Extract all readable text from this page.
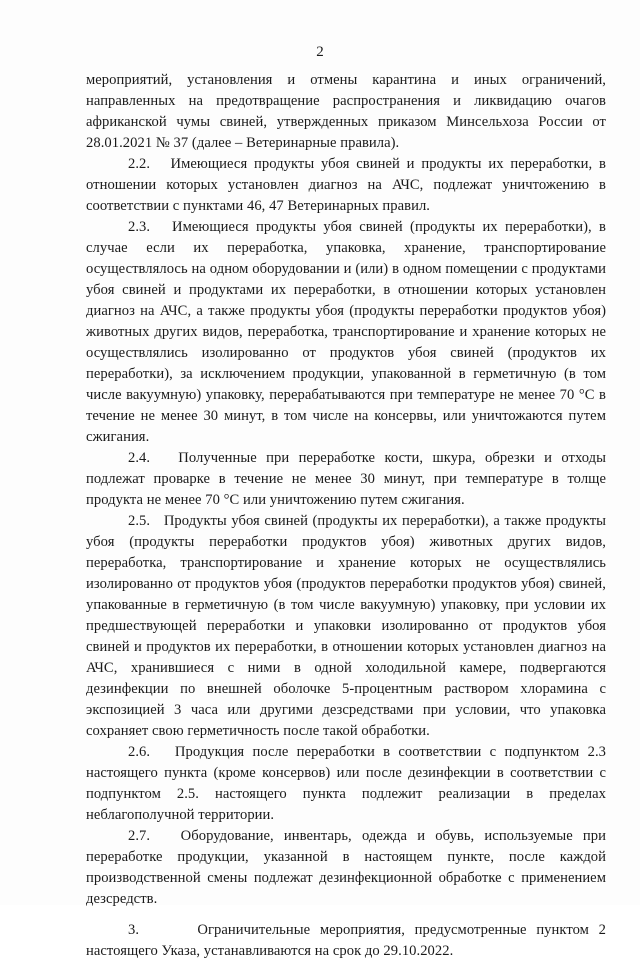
2

мероприятий, установления и отмены карантина и иных ограничений, направленных на предотвращение распространения и ликвидацию очагов африканской чумы свиней, утвержденных приказом Минсельхоза России от 28.01.2021 № 37 (далее – Ветеринарные правила).

2.2.   Имеющиеся продукты убоя свиней и продукты их переработки, в отношении которых установлен диагноз на АЧС, подлежат уничтожению в соответствии с пунктами 46, 47 Ветеринарных правил.

2.3.   Имеющиеся продукты убоя свиней (продукты их переработки), в случае если их переработка, упаковка, хранение, транспортирование осуществлялось на одном оборудовании и (или) в одном помещении с продуктами убоя свиней и продуктами их переработки, в отношении которых установлен диагноз на АЧС, а также продукты убоя (продукты переработки продуктов убоя) животных других видов, переработка, транспортирование и хранение которых не осуществлялись изолированно от продуктов убоя свиней (продуктов их переработки), за исключением продукции, упакованной в герметичную (в том числе вакуумную) упаковку, перерабатываются при температуре не менее 70 °С в течение не менее 30 минут, в том числе на консервы, или уничтожаются путем сжигания.

2.4.   Полученные при переработке кости, шкура, обрезки и отходы подлежат проварке в течение не менее 30 минут, при температуре в толще продукта не менее 70 °С или уничтожению путем сжигания.

2.5.   Продукты убоя свиней (продукты их переработки), а также продукты убоя (продукты переработки продуктов убоя) животных других видов, переработка, транспортирование и хранение которых не осуществлялись изолированно от продуктов убоя (продуктов переработки продуктов убоя) свиней, упакованные в герметичную (в том числе вакуумную) упаковку, при условии их предшествующей переработки и упаковки изолированно от продуктов убоя свиней и продуктов их переработки, в отношении которых установлен диагноз на АЧС, хранившиеся с ними в одной холодильной камере, подвергаются дезинфекции по внешней оболочке 5-процентным раствором хлорамина с экспозицией 3 часа или другими дезсредствами при условии, что упаковка сохраняет свою герметичность после такой обработки.

2.6.   Продукция после переработки в соответствии с подпунктом 2.3 настоящего пункта (кроме консервов) или после дезинфекции в соответствии с подпунктом 2.5. настоящего пункта подлежит реализации в пределах неблагополучной территории.

2.7.   Оборудование, инвентарь, одежда и обувь, используемые при переработке продукции, указанной в настоящем пункте, после каждой производственной смены подлежат дезинфекционной обработке с применением дезсредств.

3.      Ограничительные мероприятия, предусмотренные пунктом 2 настоящего Указа, устанавливаются на срок до 29.10.2022.
